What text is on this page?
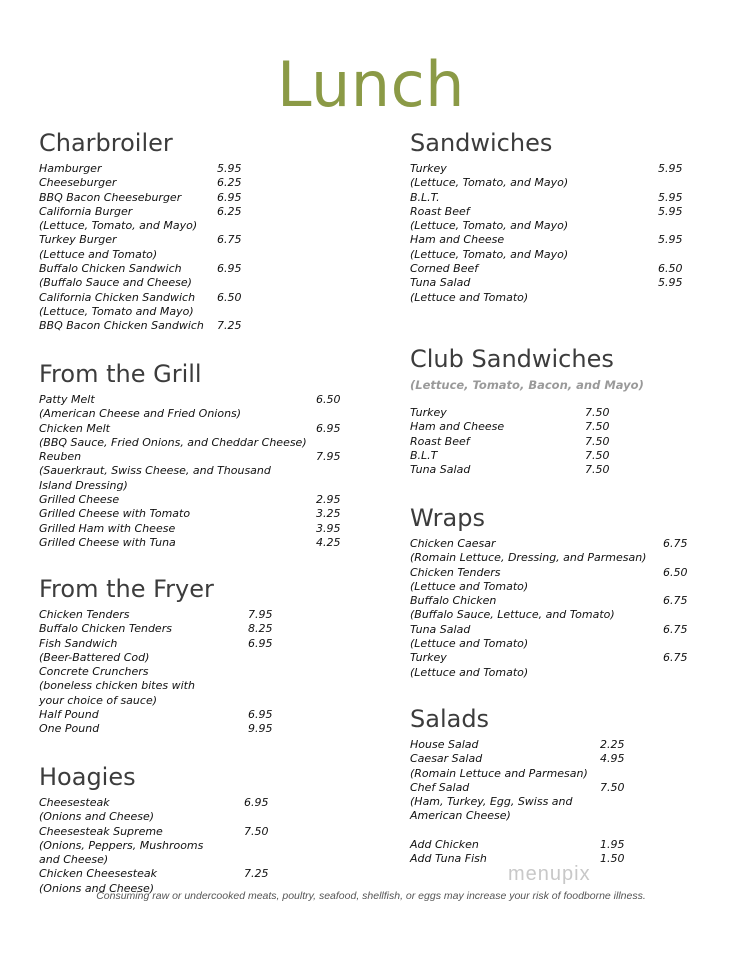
Lunch
Charbroiler
Hamburger	5.95
Cheeseburger	6.25
BBQ Bacon Cheeseburger	6.95
California Burger	6.25
(Lettuce, Tomato, and Mayo)
Turkey Burger	6.75
(Lettuce and Tomato)
Buffalo Chicken Sandwich	6.95
(Buffalo Sauce and Cheese)
California Chicken Sandwich 6.50
(Lettuce, Tomato and Mayo)
BBQ Bacon Chicken Sandwich 7.25
From the Grill
Patty Melt	6.50
(American Cheese and Fried Onions)
Chicken Melt	6.95
(BBQ Sauce, Fried Onions, and Cheddar Cheese)
Reuben	7.95
(Sauerkraut, Swiss Cheese, and Thousand
Island Dressing)
Grilled Cheese	2.95
Grilled Cheese with Tomato	3.25
Grilled Ham with Cheese	3.95
Grilled Cheese with Tuna	4.25
From the Fryer
Chicken Tenders	7.95
Buffalo Chicken Tenders	8.25
Fish Sandwich	6.95
(Beer-Battered Cod)
Concrete Crunchers
(boneless chicken bites with
your choice of sauce)
Half Pound	6.95
One Pound	9.95
Hoagies
Cheesesteak	6.95
(Onions and Cheese)
Cheesesteak Supreme	7.50
(Onions, Peppers, Mushrooms
and Cheese)
Chicken Cheesesteak	7.25
(Onions and Cheese)
Sandwiches
Turkey	5.95
(Lettuce, Tomato, and Mayo)
B.L.T.	5.95
Roast Beef	5.95
(Lettuce, Tomato, and Mayo)
Ham and Cheese	5.95
(Lettuce, Tomato, and Mayo)
Corned Beef	6.50
Tuna Salad	5.95
(Lettuce and Tomato)
Club Sandwiches
(Lettuce, Tomato, Bacon, and Mayo)
Turkey	7.50
Ham and Cheese	7.50
Roast Beef	7.50
B.L.T	7.50
Tuna Salad	7.50
Wraps
Chicken Caesar	6.75
(Romain Lettuce, Dressing, and Parmesan)
Chicken Tenders	6.50
(Lettuce and Tomato)
Buffalo Chicken	6.75
(Buffalo Sauce, Lettuce, and Tomato)
Tuna Salad	6.75
(Lettuce and Tomato)
Turkey	6.75
(Lettuce and Tomato)
Salads
House Salad	2.25
Caesar Salad	4.95
(Romain Lettuce and Parmesan)
Chef Salad	7.50
(Ham, Turkey, Egg, Swiss and
American Cheese)
Add Chicken	1.95
Add Tuna Fish	1.50
menupix
Consuming raw or undercooked meats, poultry, seafood, shellfish, or eggs may increase your risk of foodborne illness.
